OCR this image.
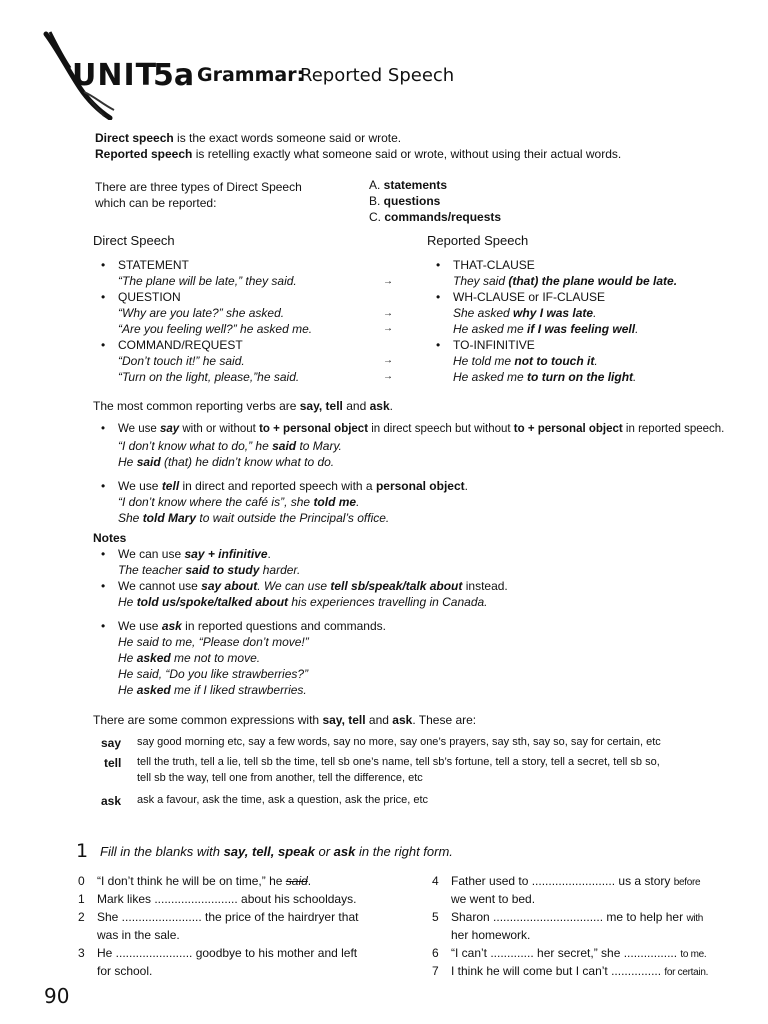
UNIT
5a Grammar:
Reported Speech
Direct speech is the exact words someone said or wrote.
Reported speech is retelling exactly what someone said or wrote, without using their actual words.
There are three types of Direct Speech
which can be reported:
A. statements
B. questions
C. commands/requests
Direct Speech	Reported Speech
• STATEMENT
“The plane will be late,” they said.
• QUESTION
“Why are you late?” she asked.
“Are you feeling well?” he asked me.
• COMMAND/REQUEST
“Don’t touch it!” he said.
“Turn on the light, please,”he said.
→
→
→
→
→
• THAT-CLAUSE
They said (that) the plane would be late.
• WH-CLAUSE or IF-CLAUSE
She asked why I was late.
He asked me if I was feeling well.
• TO-INFINITIVE
He told me not to touch it.
He asked me to turn on the light.
The most common reporting verbs are say, tell and ask.
• We use say with or without to + personal object in direct speech but without to + personal object in reported speech.
“I don’t know what to do,” he said to Mary.
He said (that) he didn’t know what to do.
• We use tell in direct and reported speech with a personal object.
“I don’t know where the café is”, she told me.
She told Mary to wait outside the Principal’s office.
Notes
• We can use say + infinitive.
The teacher said to study harder.
• We cannot use say about. We can use tell sb/speak/talk about instead.
He told us/spoke/talked about his experiences travelling in Canada.
• We use ask in reported questions and commands.
He said to me, “Please don’t move!”
He asked me not to move.
He said, “Do you like strawberries?”
He asked me if I liked strawberries.
There are some common expressions with say, tell and ask. These are:
say say good morning etc, say a few words, say no more, say one’s prayers, say sth, say so, say for certain, etc
tell tell the truth, tell a lie, tell sb the time, tell sb one’s name, tell sb’s fortune, tell a story, tell a secret, tell sb so,
tell sb the way, tell one from another, tell the difference, etc
ask ask a favour, ask the time, ask a question, ask the price, etc
1 Fill in the blanks with say, tell, speak or ask in the right form.
0 “I don’t think he will be on time,” he said.
1 Mark likes ......................... about his schooldays.
2 She ........................ the price of the hairdryer that
was in the sale.
3 He ....................... goodbye to his mother and left
for school.
4 Father used to ......................... us a story before
we went to bed.
5 Sharon ................................. me to help her with
her homework.
6 “I can’t ............. her secret,” she ................ to me.
7 I think he will come but I can’t ............... for certain.
90
